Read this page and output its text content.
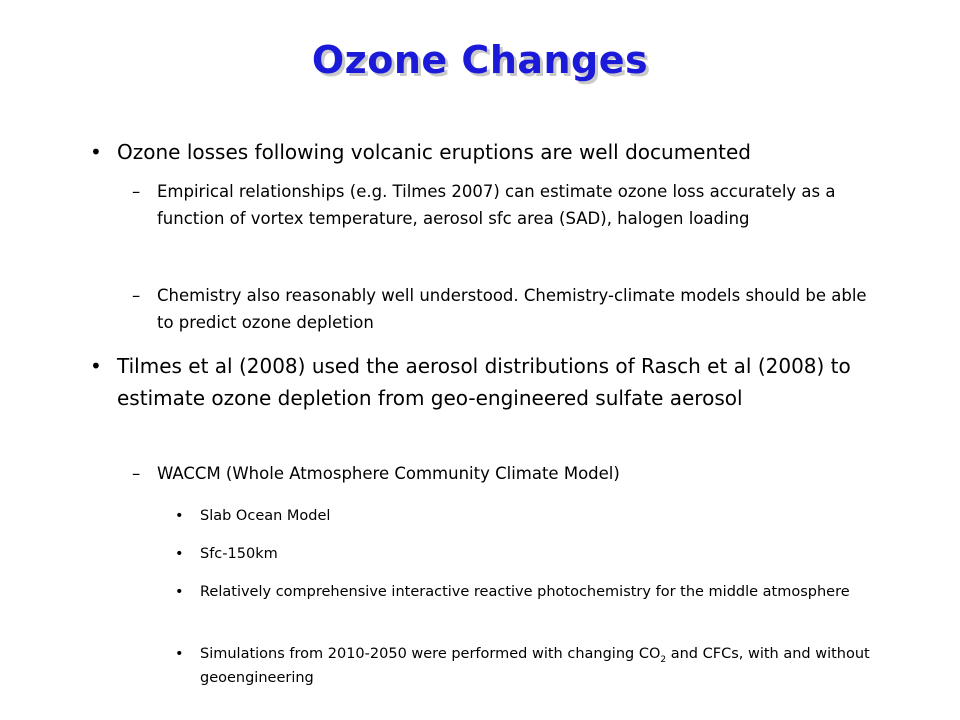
Ozone Changes
• Ozone losses following volcanic eruptions are well documented
– Empirical relationships (e.g. Tilmes 2007) can estimate ozone loss accurately as a function of vortex temperature, aerosol sfc area (SAD), halogen loading
– Chemistry also reasonably well understood. Chemistry-climate models should be able to predict ozone depletion
• Tilmes et al (2008) used the aerosol distributions of Rasch et al (2008) to estimate ozone depletion from geo-engineered sulfate aerosol
– WACCM (Whole Atmosphere Community Climate Model)
• Slab Ocean Model
• Sfc-150km
• Relatively comprehensive interactive reactive photochemistry for the middle atmosphere
• Simulations from 2010-2050 were performed with changing $CO_2$ and CFCs, with and without geoengineering
